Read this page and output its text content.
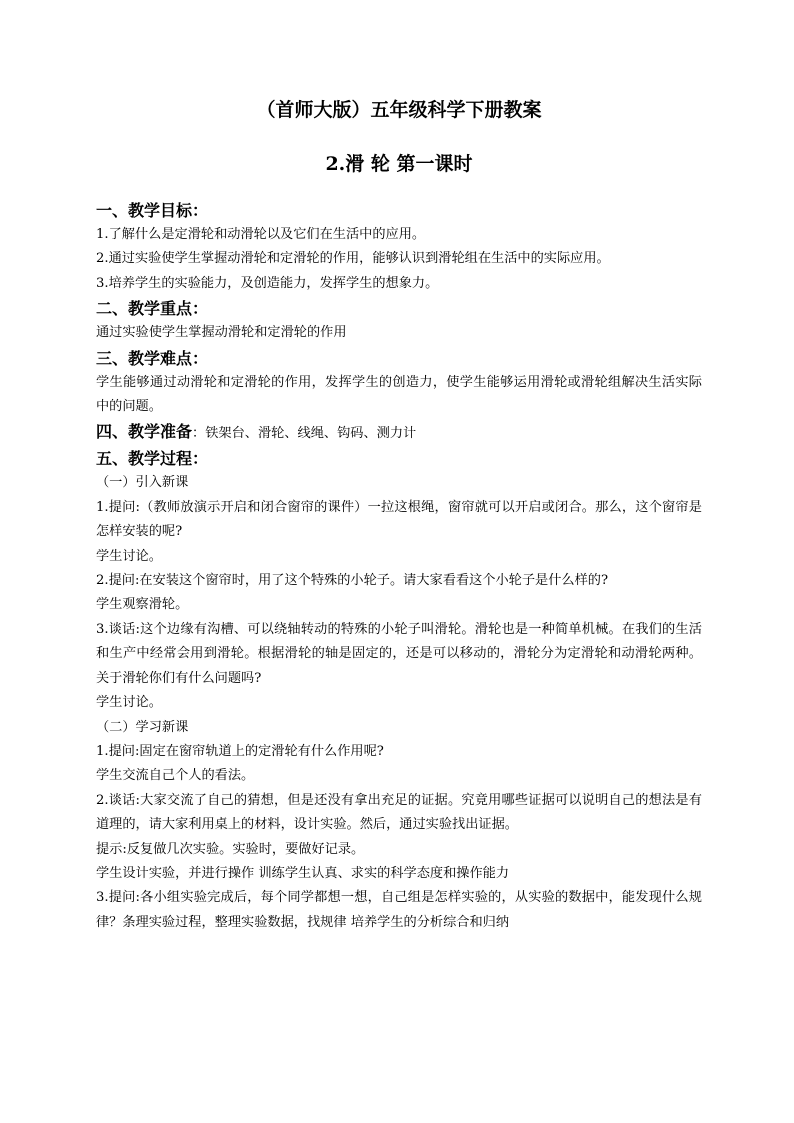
（首师大版）五年级科学下册教案

2.滑 轮 第一课时

一、教学目标：

1.了解什么是定滑轮和动滑轮以及它们在生活中的应用。

2.通过实验使学生掌握动滑轮和定滑轮的作用，能够认识到滑轮组在生活中的实际应用。

3.培养学生的实验能力，及创造能力，发挥学生的想象力。

二、教学重点：

通过实验使学生掌握动滑轮和定滑轮的作用

三、教学难点：

学生能够通过动滑轮和定滑轮的作用，发挥学生的创造力，使学生能够运用滑轮或滑轮组解决生活实际中的问题。

四、教学准备：铁架台、滑轮、线绳、钩码、测力计

五、教学过程：

（一）引入新课

1.提问:（教师放演示开启和闭合窗帘的课件）一拉这根绳，窗帘就可以开启或闭合。那么，这个窗帘是怎样安装的呢?

学生讨论。

2.提问:在安装这个窗帘时，用了这个特殊的小轮子。请大家看看这个小轮子是什么样的?

学生观察滑轮。

3.谈话:这个边缘有沟槽、可以绕轴转动的特殊的小轮子叫滑轮。滑轮也是一种简单机械。在我们的生活和生产中经常会用到滑轮。根据滑轮的轴是固定的，还是可以移动的，滑轮分为定滑轮和动滑轮两种。关于滑轮你们有什么问题吗?

学生讨论。

（二）学习新课

1.提问:固定在窗帘轨道上的定滑轮有什么作用呢?

学生交流自己个人的看法。

2.谈话:大家交流了自己的猜想，但是还没有拿出充足的证据。究竟用哪些证据可以说明自己的想法是有道理的，请大家利用桌上的材料，设计实验。然后，通过实验找出证据。

提示:反复做几次实验。实验时，要做好记录。

学生设计实验，并进行操作 训练学生认真、求实的科学态度和操作能力

3.提问:各小组实验完成后，每个同学都想一想，自己组是怎样实验的，从实验的数据中，能发现什么规律？条理实验过程，整理实验数据，找规律 培养学生的分析综合和归纳
